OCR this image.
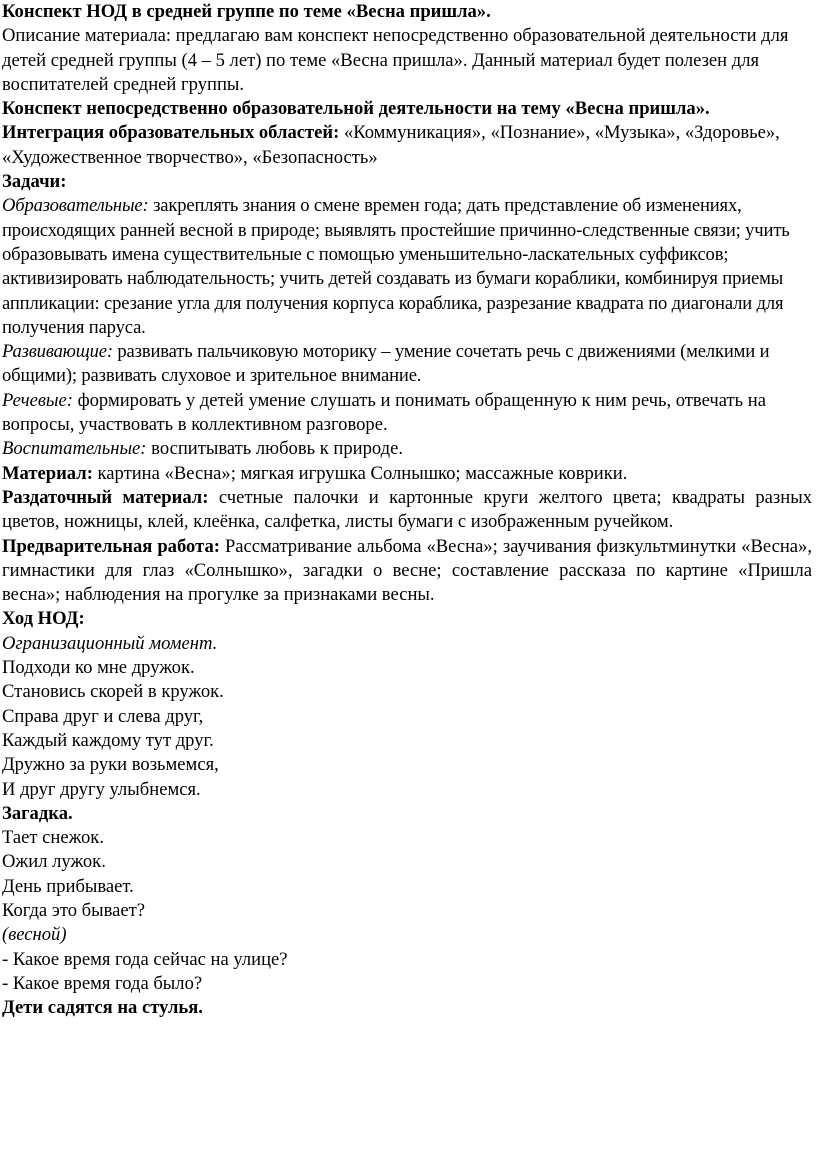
Конспект НОД в средней группе по теме «Весна пришла».

Описание материала: предлагаю вам конспект непосредственно образовательной деятельности для детей средней группы (4 – 5 лет) по теме «Весна пришла». Данный материал будет полезен для воспитателей средней группы.

Конспект непосредственно образовательной деятельности на тему «Весна пришла».

Интеграция образовательных областей: «Коммуникация», «Познание», «Музыка», «Здоровье», «Художественное творчество», «Безопасность»

Задачи:

Образовательные: закреплять знания о смене времен года; дать представление об изменениях, происходящих ранней весной в природе; выявлять простейшие причинно-следственные связи; учить образовывать имена существительные с помощью уменьшительно-ласкательных суффиксов; активизировать наблюдательность; учить детей создавать из бумаги кораблики, комбинируя приемы аппликации: срезание угла для получения корпуса кораблика, разрезание квадрата по диагонали для получения паруса.

Развивающие: развивать пальчиковую моторику – умение сочетать речь с движениями (мелкими и общими); развивать слуховое и зрительное внимание.

Речевые: формировать у детей умение слушать и понимать обращенную к ним речь, отвечать на вопросы, участвовать в коллективном разговоре.

Воспитательные: воспитывать любовь к природе.

Материал: картина «Весна»; мягкая игрушка Солнышко; массажные коврики.

Раздаточный материал: счетные палочки и картонные круги желтого цвета; квадраты разных цветов, ножницы, клей, клеёнка, салфетка, листы бумаги с изображенным ручейком.

Предварительная работа: Рассматривание альбома «Весна»; заучивания физкультминутки «Весна», гимнастики для глаз «Солнышко», загадки о весне; составление рассказа по картине «Пришла весна»; наблюдения на прогулке за признаками весны.

Ход НОД:

Огранизационный момент.

Подходи ко мне дружок.

Становись скорей в кружок.

Справа друг и слева друг,

Каждый каждому тут друг.

Дружно за руки возьмемся,

И друг другу улыбнемся.

Загадка.

Тает снежок.

Ожил лужок.

День прибывает.

Когда это бывает?

(весной)

- Какое время года сейчас на улице?

- Какое время года было?

Дети садятся на стулья.
